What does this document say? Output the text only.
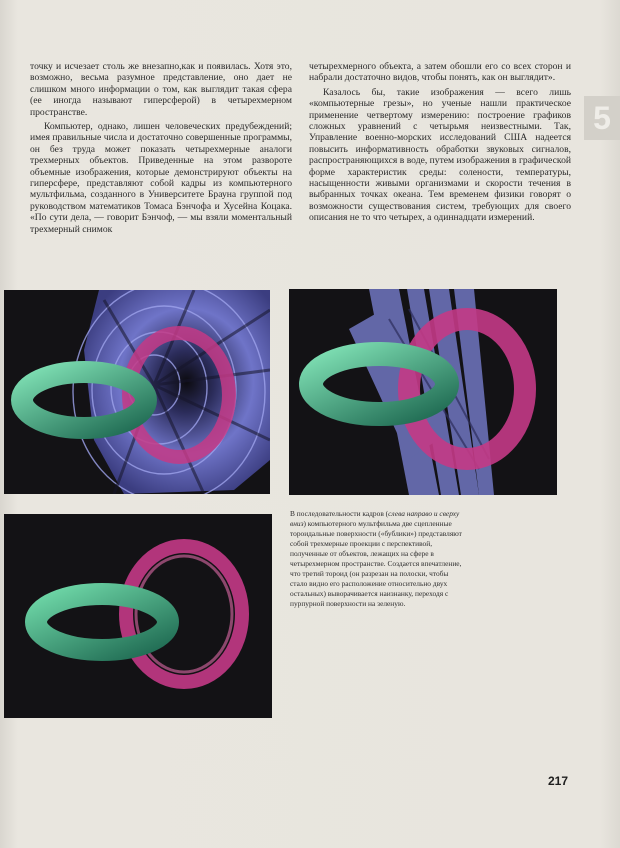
точку и исчезает столь же внезапно,как и появилась. Хотя это, возможно, весьма разумное представление, оно дает не слишком много информации о том, как выглядит такая сфера (ее иногда называют гиперсферой) в четырехмерном пространстве.

Компьютер, однако, лишен человеческих предубеждений; имея правильные числа и достаточно совершенные программы, он без труда может показать четырехмерные аналоги трехмерных объектов. Приведенные на этом развороте объемные изображения, которые демонстрируют объекты на гиперсфере, представляют собой кадры из компьютерного мультфильма, созданного в Университете Брауна группой под руководством математиков Томаса Бэнчофа и Хусейна Коцака. «По сути дела, — говорит Бэнчоф, — мы взяли моментальный трехмерный снимок

четырехмерного объекта, а затем обошли его со всех сторон и набрали достаточно видов, чтобы понять, как он выглядит».

Казалось бы, такие изображения — всего лишь «компьютерные грезы», но ученые нашли практическое применение четвертому измерению: построение графиков сложных уравнений с четырьмя неизвестными. Так, Управление военно-морских исследований США надеется повысить информативность обработки звуковых сигналов, распространяющихся в воде, путем изображения в графической форме характеристик среды: солености, температуры, насыщенности живыми организмами и скорости течения в выбранных точках океана. Тем временем физики говорят о возможности существования систем, требующих для своего описания не то что четырех, а одиннадцати измерений.

5
В последовательности кадров (слева направо и сверху вниз) компьютерного мультфильма две сцепленные тороидальные поверхности («бублики») представляют собой трехмерные проекции с перспективой, полученные от объектов, лежащих на сфере в четырехмерном пространстве. Создается впечатление, что третий тороид (он разрезан на полоски, чтобы стало видно его расположение относительно двух остальных) выворачивается наизнанку, переходя с пурпурной поверхности на зеленую.
217
